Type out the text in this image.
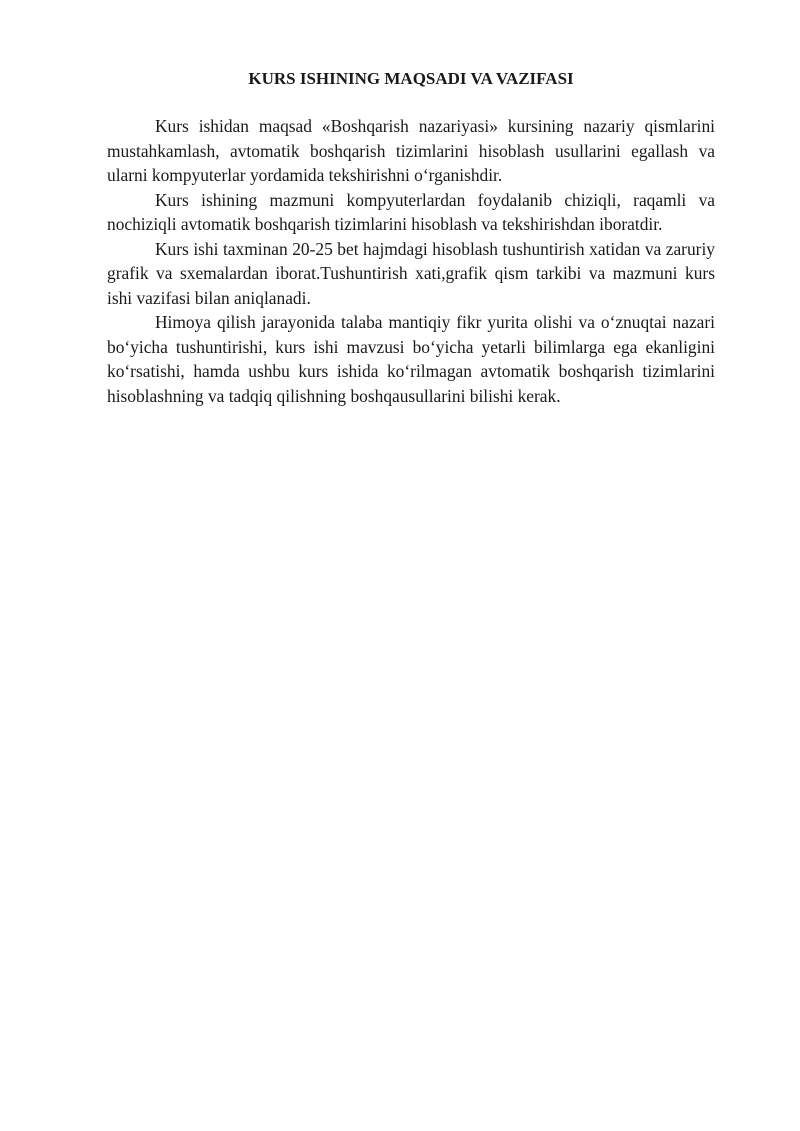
KURS ISHINING MAQSADI VA VAZIFASI

Kurs ishidan maqsad «Boshqarish nazariyasi» kursining nazariy qismlarini mustahkamlash, avtomatik boshqarish tizimlarini hisoblash usullarini egallash va ularni kompyuterlar yordamida tekshirishni oʻrganishdir.

Kurs ishining mazmuni kompyuterlardan foydalanib chiziqli, raqamli va nochiziqli avtomatik boshqarish tizimlarini hisoblash va tekshirishdan iboratdir.

Kurs ishi taxminan 20-25 bet hajmdagi hisoblash tushuntirish xatidan va zaruriy grafik va sxemalardan iborat.Tushuntirish xati,grafik qism tarkibi va mazmuni kurs ishi vazifasi bilan aniqlanadi.

Himoya qilish jarayonida talaba mantiqiy fikr yurita olishi va oʻznuqtai nazari boʻyicha tushuntirishi, kurs ishi mavzusi boʻyicha yetarli bilimlarga ega ekanligini koʻrsatishi, hamda ushbu kurs ishida koʻrilmagan avtomatik boshqarish tizimlarini hisoblashning va tadqiq qilishning boshqausullarini bilishi kerak.
